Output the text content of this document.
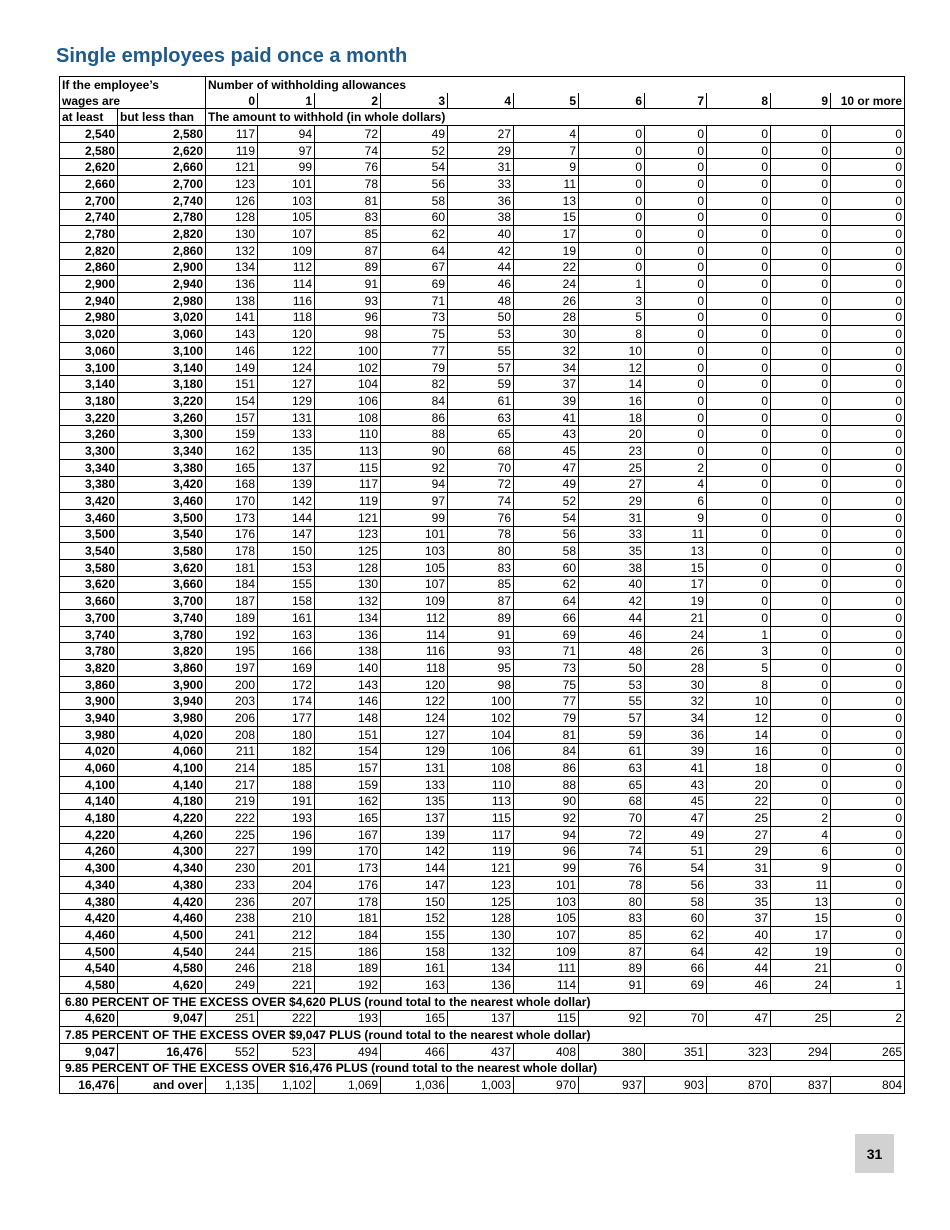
Single employees paid once a month
If the employee’s		Number of withholding allowances										
wages are		0	1	2	3	4	5	6	7	8	9	10 or more
at least	but less than	The amount to withhold (in whole dollars)										
2,540	2,580	117	94	72	49	27	4	0	0	0	0	0
2,580	2,620	119	97	74	52	29	7	0	0	0	0	0
2,620	2,660	121	99	76	54	31	9	0	0	0	0	0
2,660	2,700	123	101	78	56	33	11	0	0	0	0	0
2,700	2,740	126	103	81	58	36	13	0	0	0	0	0
2,740	2,780	128	105	83	60	38	15	0	0	0	0	0
2,780	2,820	130	107	85	62	40	17	0	0	0	0	0
2,820	2,860	132	109	87	64	42	19	0	0	0	0	0
2,860	2,900	134	112	89	67	44	22	0	0	0	0	0
2,900	2,940	136	114	91	69	46	24	1	0	0	0	0
2,940	2,980	138	116	93	71	48	26	3	0	0	0	0
2,980	3,020	141	118	96	73	50	28	5	0	0	0	0
3,020	3,060	143	120	98	75	53	30	8	0	0	0	0
3,060	3,100	146	122	100	77	55	32	10	0	0	0	0
3,100	3,140	149	124	102	79	57	34	12	0	0	0	0
3,140	3,180	151	127	104	82	59	37	14	0	0	0	0
3,180	3,220	154	129	106	84	61	39	16	0	0	0	0
3,220	3,260	157	131	108	86	63	41	18	0	0	0	0
3,260	3,300	159	133	110	88	65	43	20	0	0	0	0
3,300	3,340	162	135	113	90	68	45	23	0	0	0	0
3,340	3,380	165	137	115	92	70	47	25	2	0	0	0
3,380	3,420	168	139	117	94	72	49	27	4	0	0	0
3,420	3,460	170	142	119	97	74	52	29	6	0	0	0
3,460	3,500	173	144	121	99	76	54	31	9	0	0	0
3,500	3,540	176	147	123	101	78	56	33	11	0	0	0
3,540	3,580	178	150	125	103	80	58	35	13	0	0	0
3,580	3,620	181	153	128	105	83	60	38	15	0	0	0
3,620	3,660	184	155	130	107	85	62	40	17	0	0	0
3,660	3,700	187	158	132	109	87	64	42	19	0	0	0
3,700	3,740	189	161	134	112	89	66	44	21	0	0	0
3,740	3,780	192	163	136	114	91	69	46	24	1	0	0
3,780	3,820	195	166	138	116	93	71	48	26	3	0	0
3,820	3,860	197	169	140	118	95	73	50	28	5	0	0
3,860	3,900	200	172	143	120	98	75	53	30	8	0	0
3,900	3,940	203	174	146	122	100	77	55	32	10	0	0
3,940	3,980	206	177	148	124	102	79	57	34	12	0	0
3,980	4,020	208	180	151	127	104	81	59	36	14	0	0
4,020	4,060	211	182	154	129	106	84	61	39	16	0	0
4,060	4,100	214	185	157	131	108	86	63	41	18	0	0
4,100	4,140	217	188	159	133	110	88	65	43	20	0	0
4,140	4,180	219	191	162	135	113	90	68	45	22	0	0
4,180	4,220	222	193	165	137	115	92	70	47	25	2	0
4,220	4,260	225	196	167	139	117	94	72	49	27	4	0
4,260	4,300	227	199	170	142	119	96	74	51	29	6	0
4,300	4,340	230	201	173	144	121	99	76	54	31	9	0
4,340	4,380	233	204	176	147	123	101	78	56	33	11	0
4,380	4,420	236	207	178	150	125	103	80	58	35	13	0
4,420	4,460	238	210	181	152	128	105	83	60	37	15	0
4,460	4,500	241	212	184	155	130	107	85	62	40	17	0
4,500	4,540	244	215	186	158	132	109	87	64	42	19	0
4,540	4,580	246	218	189	161	134	111	89	66	44	21	0
4,580	4,620	249	221	192	163	136	114	91	69	46	24	1
6.80 PERCENT OF THE EXCESS OVER $4,620 PLUS (round total to the nearest whole dollar)												
4,620	9,047	251	222	193	165	137	115	92	70	47	25	2
7.85 PERCENT OF THE EXCESS OVER $9,047 PLUS (round total to the nearest whole dollar)												
9,047	16,476	552	523	494	466	437	408	380	351	323	294	265
9.85 PERCENT OF THE EXCESS OVER $16,476 PLUS (round total to the nearest whole dollar)												
16,476	and over	1,135	1,102	1,069	1,036	1,003	970	937	903	870	837	804
31
